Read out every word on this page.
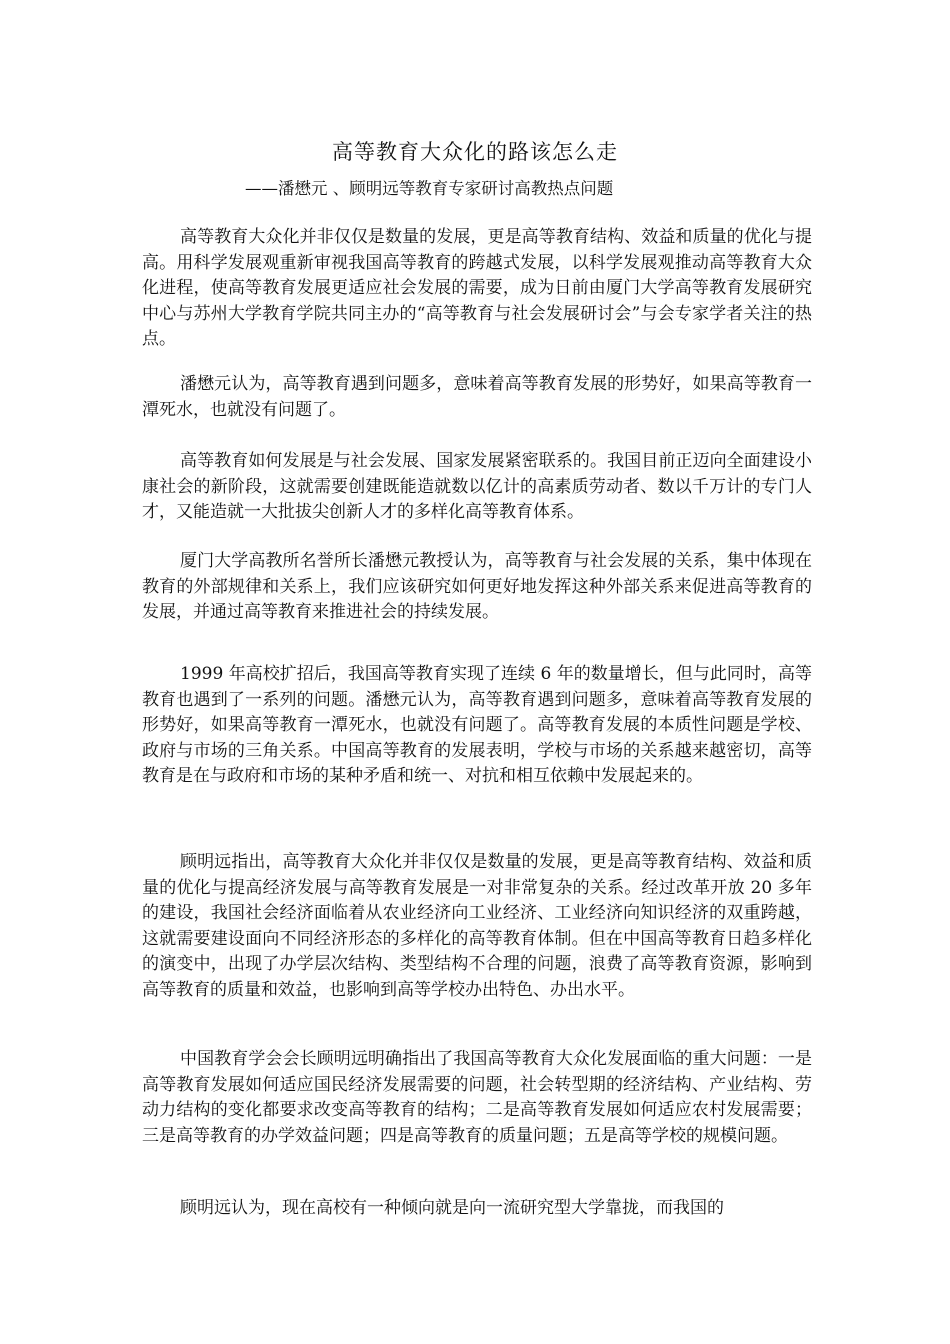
高等教育大众化的路该怎么走
——潘懋元 、顾明远等教育专家研讨高教热点问题

高等教育大众化并非仅仅是数量的发展，更是高等教育结构、效益和质量的优化与提高。用科学发展观重新审视我国高等教育的跨越式发展，以科学发展观推动高等教育大众化进程，使高等教育发展更适应社会发展的需要，成为日前由厦门大学高等教育发展研究中心与苏州大学教育学院共同主办的“高等教育与社会发展研讨会”与会专家学者关注的热点。

潘懋元认为，高等教育遇到问题多，意味着高等教育发展的形势好，如果高等教育一潭死水，也就没有问题了。

高等教育如何发展是与社会发展、国家发展紧密联系的。我国目前正迈向全面建设小康社会的新阶段，这就需要创建既能造就数以亿计的高素质劳动者、数以千万计的专门人才，又能造就一大批拔尖创新人才的多样化高等教育体系。

厦门大学高教所名誉所长潘懋元教授认为，高等教育与社会发展的关系，集中体现在教育的外部规律和关系上，我们应该研究如何更好地发挥这种外部关系来促进高等教育的发展，并通过高等教育来推进社会的持续发展。

1999 年高校扩招后，我国高等教育实现了连续 6 年的数量增长，但与此同时，高等教育也遇到了一系列的问题。潘懋元认为，高等教育遇到问题多，意味着高等教育发展的形势好，如果高等教育一潭死水，也就没有问题了。高等教育发展的本质性问题是学校、政府与市场的三角关系。中国高等教育的发展表明，学校与市场的关系越来越密切，高等教育是在与政府和市场的某种矛盾和统一、对抗和相互依赖中发展起来的。

顾明远指出，高等教育大众化并非仅仅是数量的发展，更是高等教育结构、效益和质量的优化与提高经济发展与高等教育发展是一对非常复杂的关系。经过改革开放 20 多年的建设，我国社会经济面临着从农业经济向工业经济、工业经济向知识经济的双重跨越，这就需要建设面向不同经济形态的多样化的高等教育体制。但在中国高等教育日趋多样化的演变中，出现了办学层次结构、类型结构不合理的问题，浪费了高等教育资源，影响到高等教育的质量和效益，也影响到高等学校办出特色、办出水平。

中国教育学会会长顾明远明确指出了我国高等教育大众化发展面临的重大问题：一是高等教育发展如何适应国民经济发展需要的问题，社会转型期的经济结构、产业结构、劳动力结构的变化都要求改变高等教育的结构；二是高等教育发展如何适应农村发展需要；三是高等教育的办学效益问题；四是高等教育的质量问题；五是高等学校的规模问题。

顾明远认为，现在高校有一种倾向就是向一流研究型大学靠拢，而我国的
